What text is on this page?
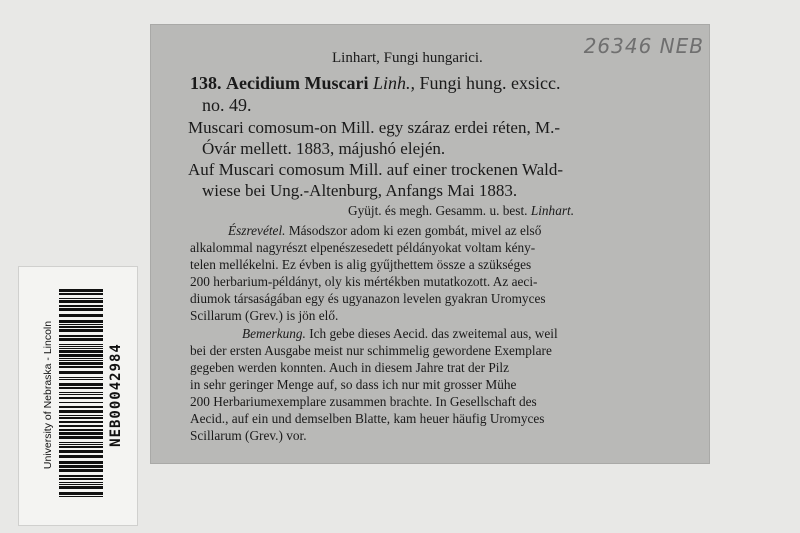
26346 NEB
Linhart, Fungi hungarici.
138. Aecidium Muscari Linh., Fungi hung. exsicc.
no. 49.
Muscari comosum-on Mill. egy száraz erdei réten, M.-
Óvár mellett. 1883, májushó elején.
Auf Muscari comosum Mill. auf einer trockenen Wald-
wiese bei Ung.-Altenburg, Anfangs Mai 1883.
Gyüjt. és megh. Gesamm. u. best. Linhart.
Észrevétel. Másodszor adom ki ezen gombát, mivel az első
alkalommal nagyrészt elpenészesedett példányokat voltam kény-
telen mellékelni. Ez évben is alig gyűjthettem össze a szükséges
200 herbarium-példányt, oly kis mértékben mutatkozott. Az aeci-
diumok társaságában egy és ugyanazon levelen gyakran Uromyces
Scillarum (Grev.) is jön elő.
Bemerkung. Ich gebe dieses Aecid. das zweitemal aus, weil
bei der ersten Ausgabe meist nur schimmelig gewordene Exemplare
gegeben werden konnten. Auch in diesem Jahre trat der Pilz
in sehr geringer Menge auf, so dass ich nur mit grosser Mühe
200 Herbariumexemplare zusammen brachte. In Gesellschaft des
Aecid., auf ein und demselben Blatte, kam heuer häufig Uromyces
Scillarum (Grev.) vor.
University of Nebraska - Lincoln	NEB00042984
